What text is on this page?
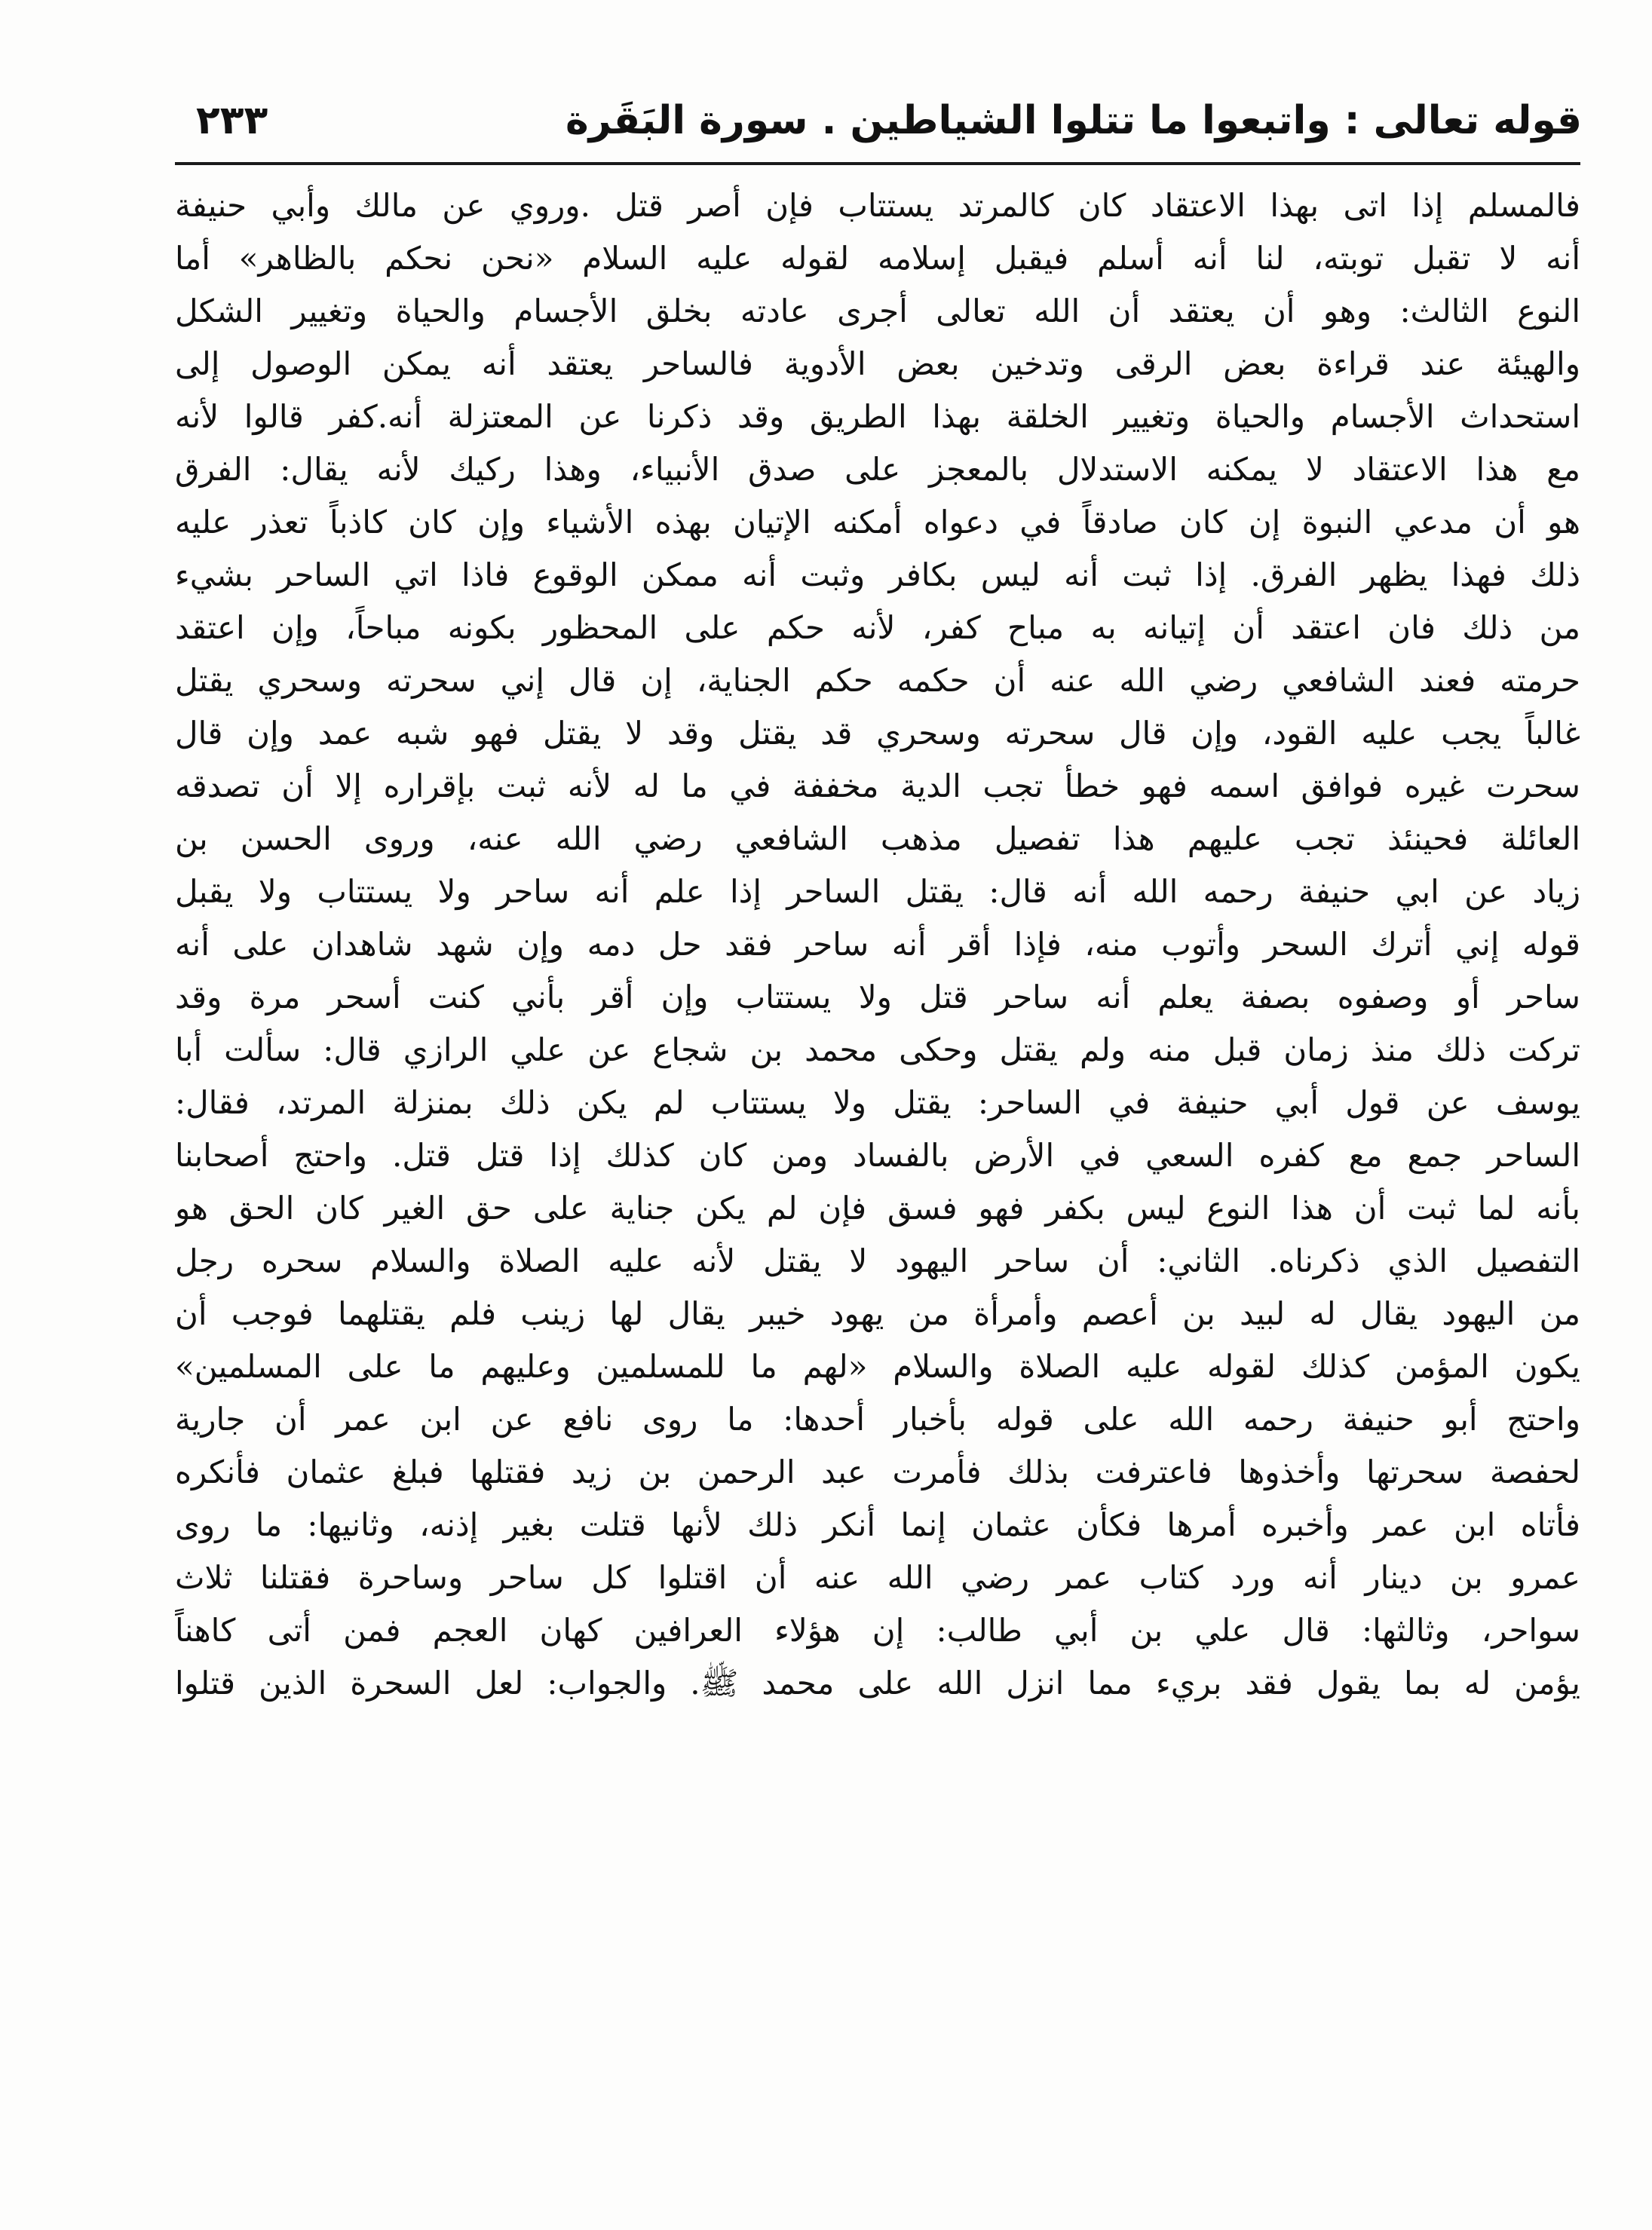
قوله تعالى : واتبعوا ما تتلوا الشياطين . سورة البَقَرة
٢٣٣
فالمسلم إذا اتى بهذا الاعتقاد كان كالمرتد يستتاب فإن أصر قتل .وروي عن مالك وأبي حنيفة
أنه لا تقبل توبته، لنا أنه أسلم فيقبل إسلامه لقوله عليه السلام «نحن نحكم بالظاهر» أما
النوع الثالث: وهو أن يعتقد أن الله تعالى أجرى عادته بخلق الأجسام والحياة وتغيير الشكل
والهيئة عند قراءة بعض الرقى وتدخين بعض الأدوية فالساحر يعتقد أنه يمكن الوصول إلى
استحداث الأجسام والحياة وتغيير الخلقة بهذا الطريق وقد ذكرنا عن المعتزلة أنه.كفر قالوا لأنه
مع هذا الاعتقاد لا يمكنه الاستدلال بالمعجز على صدق الأنبياء، وهذا ركيك لأنه يقال: الفرق
هو أن مدعي النبوة إن كان صادقاً في دعواه أمكنه الإتيان بهذه الأشياء وإن كان كاذباً تعذر عليه
ذلك فهذا يظهر الفرق. إذا ثبت أنه ليس بكافر وثبت أنه ممكن الوقوع فاذا اتي الساحر بشيء
من ذلك فان اعتقد أن إتيانه به مباح كفر، لأنه حكم على المحظور بكونه مباحاً، وإن اعتقد
حرمته فعند الشافعي رضي الله عنه أن حكمه حكم الجناية، إن قال إني سحرته وسحري يقتل
غالباً يجب عليه القود، وإن قال سحرته وسحري قد يقتل وقد لا يقتل فهو شبه عمد وإن قال
سحرت غيره فوافق اسمه فهو خطأ تجب الدية مخففة في ما له لأنه ثبت بإقراره إلا أن تصدقه
العائلة فحينئذ تجب عليهم هذا تفصيل مذهب الشافعي رضي الله عنه، وروى الحسن بن
زياد عن ابي حنيفة رحمه الله أنه قال: يقتل الساحر إذا علم أنه ساحر ولا يستتاب ولا يقبل
قوله إني أترك السحر وأتوب منه، فإذا أقر أنه ساحر فقد حل دمه وإن شهد شاهدان على أنه
ساحر أو وصفوه بصفة يعلم أنه ساحر قتل ولا يستتاب وإن أقر بأني كنت أسحر مرة وقد
تركت ذلك منذ زمان قبل منه ولم يقتل وحكى محمد بن شجاع عن علي الرازي قال: سألت أبا
يوسف عن قول أبي حنيفة في الساحر: يقتل ولا يستتاب لم يكن ذلك بمنزلة المرتد، فقال:
الساحر جمع مع كفره السعي في الأرض بالفساد ومن كان كذلك إذا قتل قتل. واحتج أصحابنا
بأنه لما ثبت أن هذا النوع ليس بكفر فهو فسق فإن لم يكن جناية على حق الغير كان الحق هو
التفصيل الذي ذكرناه. الثاني: أن ساحر اليهود لا يقتل لأنه عليه الصلاة والسلام سحره رجل
من اليهود يقال له لبيد بن أعصم وأمرأة من يهود خيبر يقال لها زينب فلم يقتلهما فوجب أن
يكون المؤمن كذلك لقوله عليه الصلاة والسلام «لهم ما للمسلمين وعليهم ما على المسلمين»
واحتج أبو حنيفة رحمه الله على قوله بأخبار أحدها: ما روى نافع عن ابن عمر أن جارية
لحفصة سحرتها وأخذوها فاعترفت بذلك فأمرت عبد الرحمن بن زيد فقتلها فبلغ عثمان فأنكره
فأتاه ابن عمر وأخبره أمرها فكأن عثمان إنما أنكر ذلك لأنها قتلت بغير إذنه، وثانيها: ما روى
عمرو بن دينار أنه ورد كتاب عمر رضي الله عنه أن اقتلوا كل ساحر وساحرة فقتلنا ثلاث
سواحر، وثالثها: قال علي بن أبي طالب: إن هؤلاء العرافين كهان العجم فمن أتى كاهناً
يؤمن له بما يقول فقد بريء مما انزل الله على محمد ﷺ. والجواب: لعل السحرة الذين قتلوا
